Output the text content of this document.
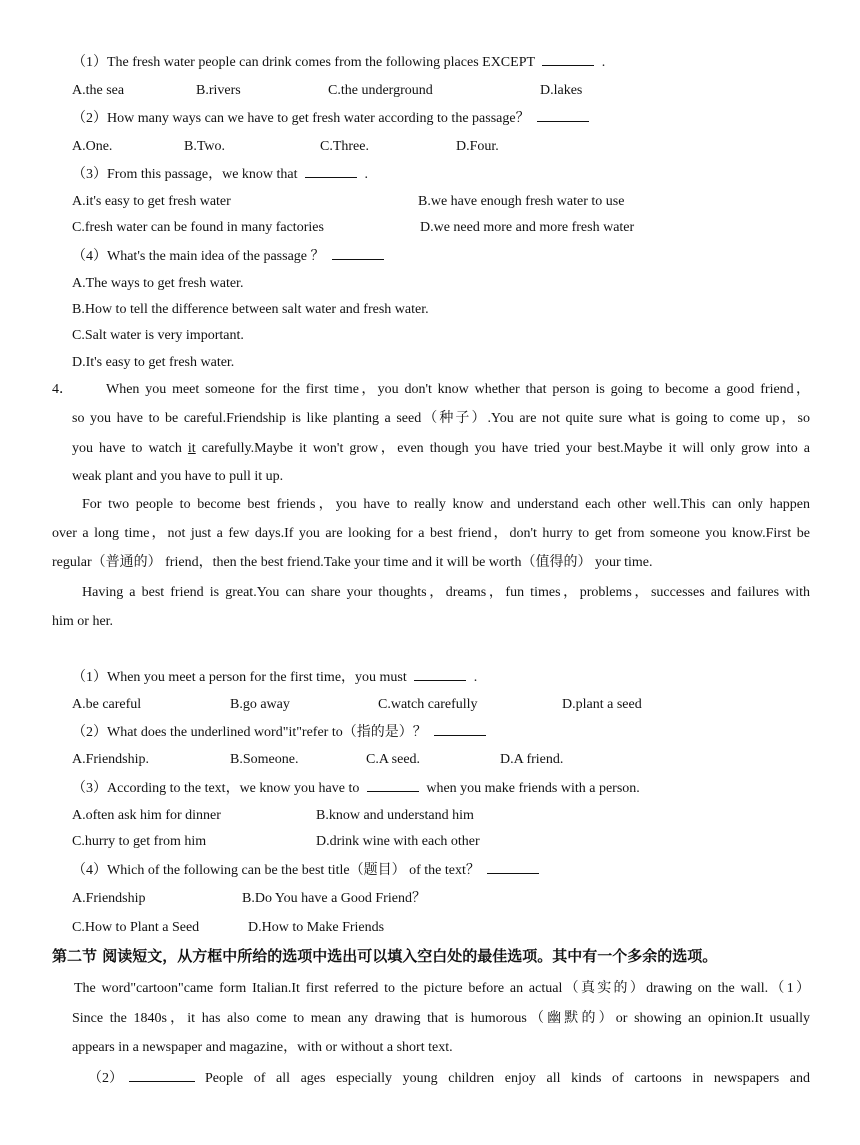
（1）The fresh water people can drink comes from the following places EXCEPT	.
A.the sea	B.rivers	C.the underground	D.lakes
（2）How many ways can we have to get fresh water according to the passage？
A.One.	B.Two.	C.Three.	D.Four.
（3）From this passage，we know that	.
A.it's easy to get fresh water	B.we have enough fresh water to use
C.fresh water can be found in many factories	D.we need more and more fresh water
（4）What's the main idea of the passage ？
A.The ways to get fresh water.
B.How to tell the difference between salt water and fresh water.
C.Salt water is very important.
D.It's easy to get fresh water.
4． When you meet someone for the first time，you don't know whether that person is going to become a good friend，
so you have to be careful.Friendship is like planting a seed（种子）.You are not quite sure what is going to come up，so
you have to watch it carefully.Maybe it won't grow，even though you have tried your best.Maybe it will only grow into a
weak plant and you have to pull it up.
For two people to become best friends，you have to really know and understand each other well.This can only happen
over a long time，not just a few days.If you are looking for a best friend，don't hurry to get from someone you know.First be
regular（普通的） friend，then the best friend.Take your time and it will be worth（值得的） your time.
Having a best friend is great.You can share your thoughts，dreams，fun times，problems，successes and failures with
him or her.
（1）When you meet a person for the first time，you must	.
A.be careful	B.go away	C.watch carefully	D.plant a seed
（2）What does the underlined word"it"refer to（指的是）？
A.Friendship.	B.Someone.	C.A seed.	D.A friend.
（3）According to the text，we know you have to	when you make friends with a person.
A.often ask him for dinner	B.know and understand him
C.hurry to get from him	D.drink wine with each other
（4）Which of the following can be the best title（题目） of the text？
A.Friendship	B.Do You have a Good Friend？
C.How to Plant a Seed	D.How to Make Friends
第二节 阅读短文，从方框中所给的选项中选出可以填入空白处的最佳选项。其中有一个多余的选项。
The word"cartoon"came form Italian.It first referred to the picture before an actual（真实的）drawing on the wall.（1）
Since the 1840s，it has also come to mean any drawing that is humorous（幽默的）or showing an opinion.It usually
appears in a newspaper and magazine，with or without a short text.
（2）	People of all ages especially young children enjoy all kinds of cartoons in newspapers and
